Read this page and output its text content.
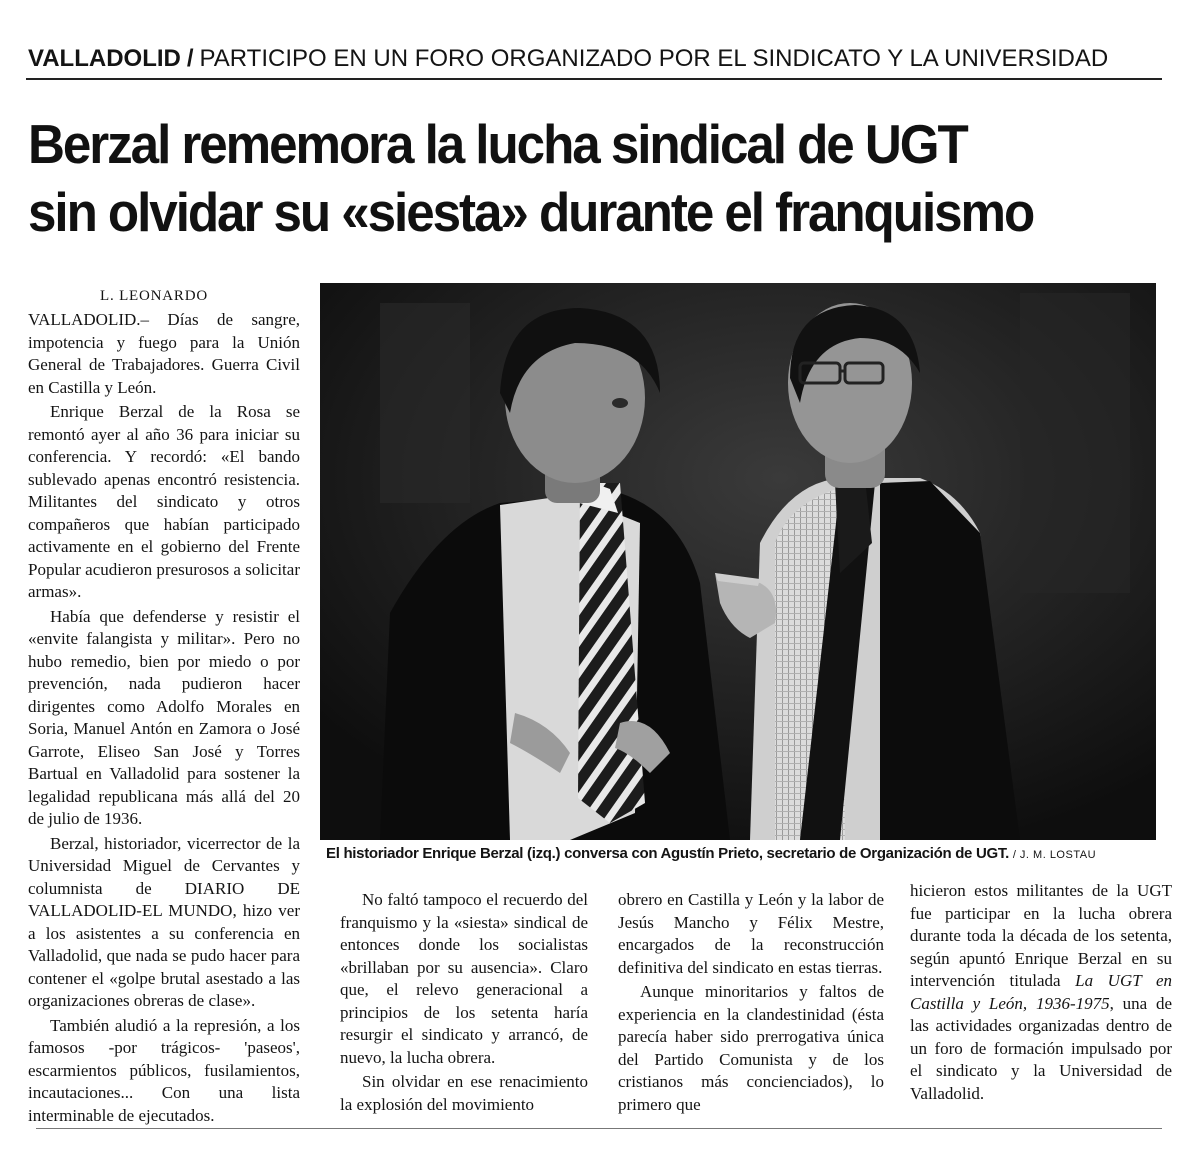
VALLADOLID / PARTICIPO EN UN FORO ORGANIZADO POR EL SINDICATO Y LA UNIVERSIDAD
Berzal rememora la lucha sindical de UGT
sin olvidar su «siesta» durante el franquismo
L. LEONARDO

VALLADOLID.– Días de sangre, impotencia y fuego para la Unión General de Trabajadores. Guerra Civil en Castilla y León.

Enrique Berzal de la Rosa se remontó ayer al año 36 para iniciar su conferencia. Y recordó: «El bando sublevado apenas encontró resistencia. Militantes del sindicato y otros compañeros que habían participado activamente en el gobierno del Frente Popular acudieron presurosos a solicitar armas».

Había que defenderse y resistir el «envite falangista y militar». Pero no hubo remedio, bien por miedo o por prevención, nada pudieron hacer dirigentes como Adolfo Morales en Soria, Manuel Antón en Zamora o José Garrote, Eliseo San José y Torres Bartual en Valladolid para sostener la legalidad republicana más allá del 20 de julio de 1936.

Berzal, historiador, vicerrector de la Universidad Miguel de Cervantes y columnista de DIARIO DE VALLADOLID-EL MUNDO, hizo ver a los asistentes a su conferencia en Valladolid, que nada se pudo hacer para contener el «golpe brutal asestado a las organizaciones obreras de clase».

También aludió a la represión, a los famosos -por trágicos- 'paseos', escarmientos públicos, fusilamientos, incautaciones... Con una lista interminable de ejecutados.

El historiador Enrique Berzal (izq.) conversa con Agustín Prieto, secretario de Organización de UGT. / J. M. LOSTAU

No faltó tampoco el recuerdo del franquismo y la «siesta» sindical de entonces donde los socialistas «brillaban por su ausencia». Claro que, el relevo generacional a principios de los setenta haría resurgir el sindicato y arrancó, de nuevo, la lucha obrera.

Sin olvidar en ese renacimiento la explosión del movimiento

obrero en Castilla y León y la labor de Jesús Mancho y Félix Mestre, encargados de la reconstrucción definitiva del sindicato en estas tierras.

Aunque minoritarios y faltos de experiencia en la clandestinidad (ésta parecía haber sido prerrogativa única del Partido Comunista y de los cristianos más concienciados), lo primero que

hicieron estos militantes de la UGT fue participar en la lucha obrera durante toda la década de los setenta, según apuntó Enrique Berzal en su intervención titulada La UGT en Castilla y León, 1936-1975, una de las actividades organizadas dentro de un foro de formación impulsado por el sindicato y la Universidad de Valladolid.
